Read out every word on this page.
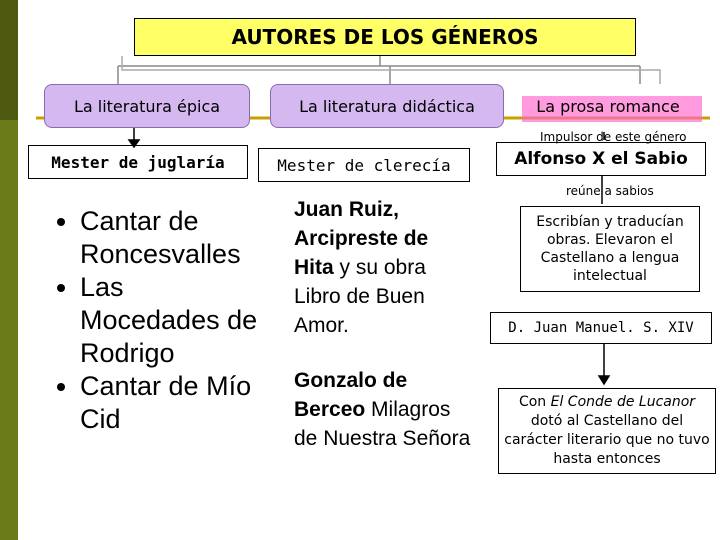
AUTORES DE LOS GÉNEROS
La literatura épica	La literatura didáctica	La prosa romance
Impulsor de este género
Mester de juglaría	Mester de clerecía	Alfonso X el Sabio
reúne a sabios
• Cantar de Roncesvalles
• Las Mocedades de Rodrigo
• Cantar de Mío Cid
Juan Ruiz, Arcipreste de Hita y su obra Libro de Buen Amor.
Gonzalo de Berceo Milagros de Nuestra Señora
Escribían y traducían obras. Elevaron el Castellano a lengua intelectual
D. Juan Manuel. S. XIV
Con El Conde de Lucanor dotó al Castellano del carácter literario que no tuvo hasta entonces
